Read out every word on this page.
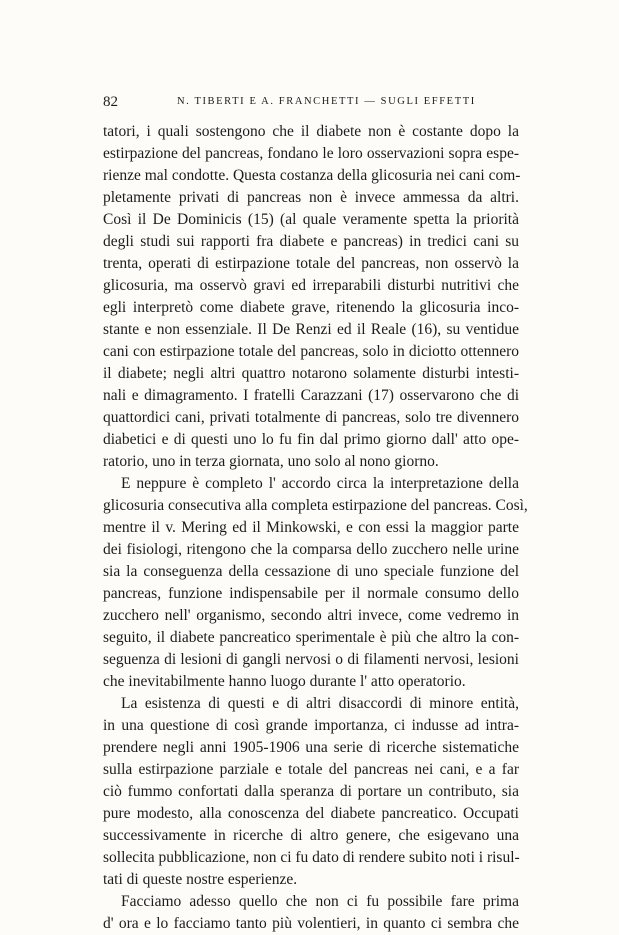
82	N. TIBERTI E A. FRANCHETTI — SUGLI EFFETTI
tatori, i quali sostengono che il diabete non è costante dopo la
estirpazione del pancreas, fondano le loro osservazioni sopra espe-
rienze mal condotte. Questa costanza della glicosuria nei cani com-
pletamente privati di pancreas non è invece ammessa da altri.
Così il De Dominicis (15) (al quale veramente spetta la priorità
degli studi sui rapporti fra diabete e pancreas) in tredici cani su
trenta, operati di estirpazione totale del pancreas, non osservò la
glicosuria, ma osservò gravi ed irreparabili disturbi nutritivi che
egli interpretò come diabete grave, ritenendo la glicosuria inco-
stante e non essenziale. Il De Renzi ed il Reale (16), su ventidue
cani con estirpazione totale del pancreas, solo in diciotto ottennero
il diabete; negli altri quattro notarono solamente disturbi intesti-
nali e dimagramento. I fratelli Carazzani (17) osservarono che di
quattordici cani, privati totalmente di pancreas, solo tre divennero
diabetici e di questi uno lo fu fin dal primo giorno dall' atto ope-
ratorio, uno in terza giornata, uno solo al nono giorno.
E neppure è completo l' accordo circa la interpretazione della
glicosuria consecutiva alla completa estirpazione del pancreas. Così,
mentre il v. Mering ed il Minkowski, e con essi la maggior parte
dei fisiologi, ritengono che la comparsa dello zucchero nelle urine
sia la conseguenza della cessazione di uno speciale funzione del
pancreas, funzione indispensabile per il normale consumo dello
zucchero nell' organismo, secondo altri invece, come vedremo in
seguito, il diabete pancreatico sperimentale è più che altro la con-
seguenza di lesioni di gangli nervosi o di filamenti nervosi, lesioni
che inevitabilmente hanno luogo durante l' atto operatorio.
La esistenza di questi e di altri disaccordi di minore entità,
in una questione di così grande importanza, ci indusse ad intra-
prendere negli anni 1905-1906 una serie di ricerche sistematiche
sulla estirpazione parziale e totale del pancreas nei cani, e a far
ciò fummo confortati dalla speranza di portare un contributo, sia
pure modesto, alla conoscenza del diabete pancreatico. Occupati
successivamente in ricerche di altro genere, che esigevano una
sollecita pubblicazione, non ci fu dato di rendere subito noti i risul-
tati di queste nostre esperienze.
Facciamo adesso quello che non ci fu possibile fare prima
d' ora e lo facciamo tanto più volentieri, in quanto ci sembra che
